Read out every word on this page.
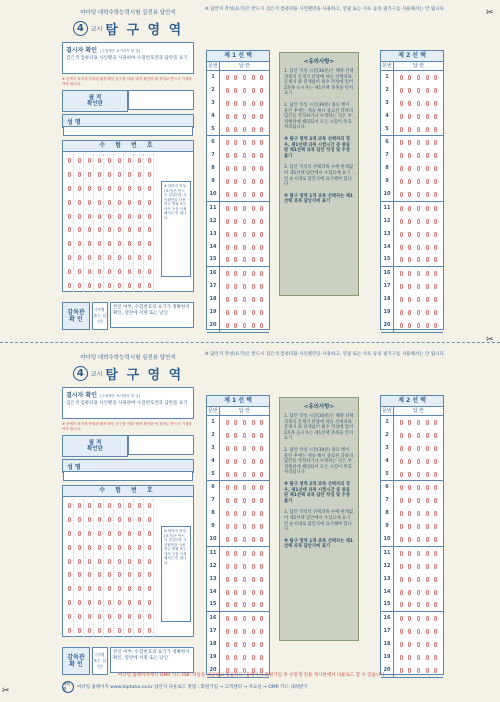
✂
✂
✂
마더텅 대학수학능력시험 실전용 답안지
4	교시 탐 구 영 역
결시자 확인 (수험생은 표기하지 말 것)
검은색 컴퓨터용 사인펜을 사용하여 수험번호란과 답란을 표기
※ 문제지 표지에 안내된 필적 확인 문구를 아래 '필적 확인란'에 정자로 반드시 기재하여야 합니다.
필 적
확인란
성 명
수 험 번 호
※ 답안지 작성(표기)은 반드시 컴퓨터용 사인펜만을 사용하고 연필 또는 샤프 등을 사용해서는 안 됩니다.
감독관
확 인
(서명 또는 날인)
본인 여부, 수험번호의 표기가 정확한지 확인, 옆란에 서명 또는 날인
※ 답안지 작성(표기)은 반드시 검은색 컴퓨터용 사인펜만을 사용하고, 연필 또는 샤프 등의 필기구를 사용해서는 안 됩니다.
제 1 선 택
문번	답 란
1
2
3
4
5
6
7
8
9
10
11
12
13
14
15
16
17
18
19
20
<유의사항>
1. 답안 작성 시간(30분)은 해당 선택과목의 문제지 분량에 따른 선택과목 문제지 와 관계없이 필수 작성에 있어 2과목 응시자는 제1선택 과목을 먼저 표기
2. 답안 작성 시간(30분) 종료 벨이 울린 후에는 계속 해서 종료된 과목의 답안을 작성하거나 수정하는 것은 부정행위에 해당되어 모든 시험이 무효 처리됩니다.
※ 탐구 영역 2개 과목 선택자의 경우, 제1선택 과목 시험시간 중 종료된 제1선택 과목 답안 작성 및 수정 불가
3. 답안 작성의 선택과목 수에 관계없이 제1선택 답안에서 수험료에 표기된 순서대로 답안지에 표기해야 합니다.
※ 탐구 영역 1개 과목 선택자는 제1선택 과목 답안지에 표기
제 2 선 택
문번	답 란
1
2
3
4
5
6
7
8
9
10
11
12
13
14
15
16
17
18
19
20
마더텅 대학수학능력시험 실전용 답안지
4	교시 탐 구 영 역
결시자 확인 (수험생은 표기하지 말 것)
검은색 컴퓨터용 사인펜을 사용하여 수험번호란과 답란을 표기
※ 문제지 표지에 안내된 필적 확인 문구를 아래 '필적 확인란'에 정자로 반드시 기재하여야 합니다.
필 적
확인란
성 명
수 험 번 호
※ 답안지 작성(표기)은 반드시 컴퓨터용 사인펜만을 사용하고 연필 또는 샤프 등을 사용해서는 안 됩니다.
감독관
확 인
(서명 또는 날인)
본인 여부, 수험번호의 표기가 정확한지 확인, 옆란에 서명 또는 날인
※ 답안지 작성(표기)은 반드시 검은색 컴퓨터용 사인펜만을 사용하고, 연필 또는 샤프 등의 필기구를 사용해서는 안 됩니다.
제 1 선 택
문번	답 란
1
2
3
4
5
6
7
8
9
10
11
12
13
14
15
16
17
18
19
20
<유의사항>
1. 답안 작성 시간(30분)은 해당 선택과목의 문제지 분량에 따른 선택과목 문제지 와 관계없이 필수 작성에 있어 2과목 응시자는 제1선택 과목을 먼저 표기
2. 답안 작성 시간(30분) 종료 벨이 울린 후에는 계속 해서 종료된 과목의 답안을 작성하거나 수정하는 것은 부정행위에 해당되어 모든 시험이 무효 처리됩니다.
※ 탐구 영역 2개 과목 선택자의 경우, 제1선택 과목 시험시간 중 종료된 제1선택 과목 답안 작성 및 수정 불가
3. 답안 작성의 선택과목 수에 관계없이 제1선택 답안에서 수험료에 표기된 순서대로 답안지에 표기해야 합니다.
※ 탐구 영역 1개 과목 선택자는 제1선택 과목 답안지에 표기
제 2 선 택
문번	답 란
1
2
3
4
5
6
7
8
9
10
11
12
13
14
15
16
17
18
19
20
마더텅 홈페이지에서 OMR 카드 PDF 파일을 제공하고 있습니다. 홈페이지 회원가입 후 수험생 전용 게시판에서 다운로드 할 수 있습니다.
마더텅	마더텅 홈페이지 www.toptutor.co.kr 답안지 다운로드 방법 : 회원가입 → 고객센터 → 자료실 → OMR 카드 내려받기
